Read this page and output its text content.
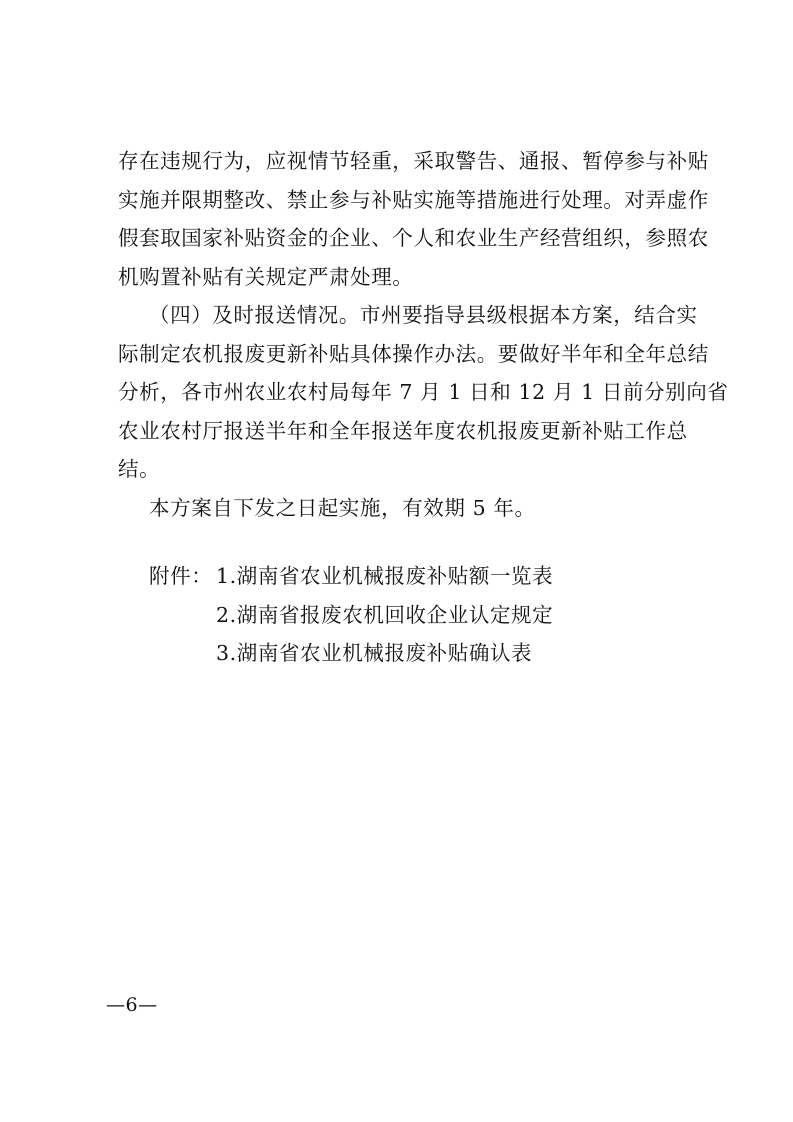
存在违规行为，应视情节轻重，采取警告、通报、暂停参与补贴
实施并限期整改、禁止参与补贴实施等措施进行处理。对弄虚作
假套取国家补贴资金的企业、个人和农业生产经营组织，参照农
机购置补贴有关规定严肃处理。
（四）及时报送情况。市州要指导县级根据本方案，结合实
际制定农机报废更新补贴具体操作办法。要做好半年和全年总结
分析，各市州农业农村局每年 7 月 1 日和 12 月 1 日前分别向省
农业农村厅报送半年和全年报送年度农机报废更新补贴工作总
结。
本方案自下发之日起实施，有效期 5 年。
附件： 1.湖南省农业机械报废补贴额一览表
2.湖南省报废农机回收企业认定规定
3.湖南省农业机械报废补贴确认表
—6—
